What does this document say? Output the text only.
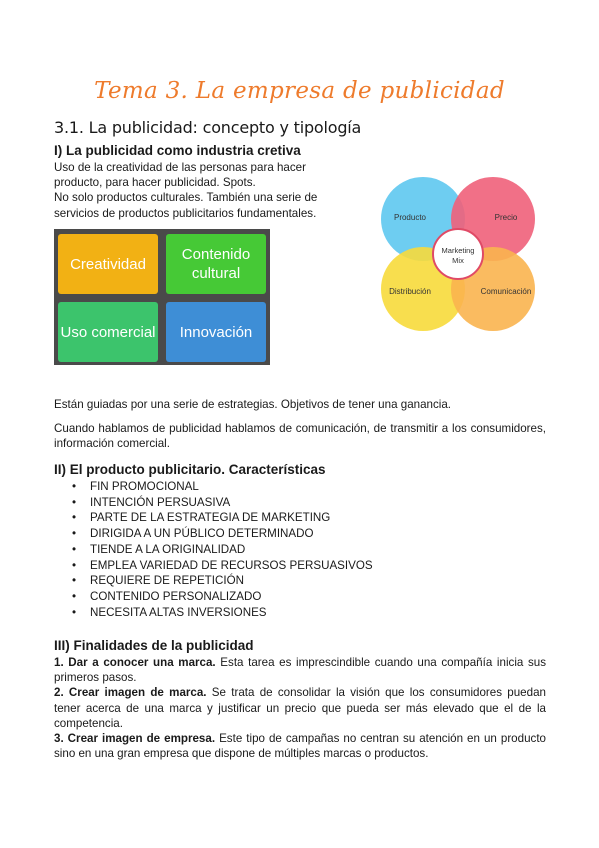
Tema 3. La empresa de publicidad
3.1. La publicidad: concepto y tipología
I) La publicidad como industria cretiva
Uso de la creatividad de las personas para hacer producto, para hacer publicidad. Spots.
No solo productos culturales. También una serie de servicios de productos publicitarios fundamentales.
Creatividad
Contenido cultural
Uso comercial	Innovación
Producto	Precio
Distribución	Comunicación
Marketing Mix
Están guiadas por una serie de estrategias. Objetivos de tener una ganancia.
Cuando hablamos de publicidad hablamos de comunicación, de transmitir a los consumidores, información comercial.
II) El producto publicitario. Características
• FIN PROMOCIONAL
• INTENCIÓN PERSUASIVA
• PARTE DE LA ESTRATEGIA DE MARKETING
• DIRIGIDA A UN PÚBLICO DETERMINADO
• TIENDE A LA ORIGINALIDAD
• EMPLEA VARIEDAD DE RECURSOS PERSUASIVOS
• REQUIERE DE REPETICIÓN
• CONTENIDO PERSONALIZADO
• NECESITA ALTAS INVERSIONES
III) Finalidades de la publicidad
1. Dar a conocer una marca. Esta tarea es imprescindible cuando una compañía inicia sus primeros pasos.
2. Crear imagen de marca. Se trata de consolidar la visión que los consumidores puedan tener acerca de una marca y justificar un precio que pueda ser más elevado que el de la competencia.
3. Crear imagen de empresa. Este tipo de campañas no centran su atención en un producto sino en una gran empresa que dispone de múltiples marcas o productos.
